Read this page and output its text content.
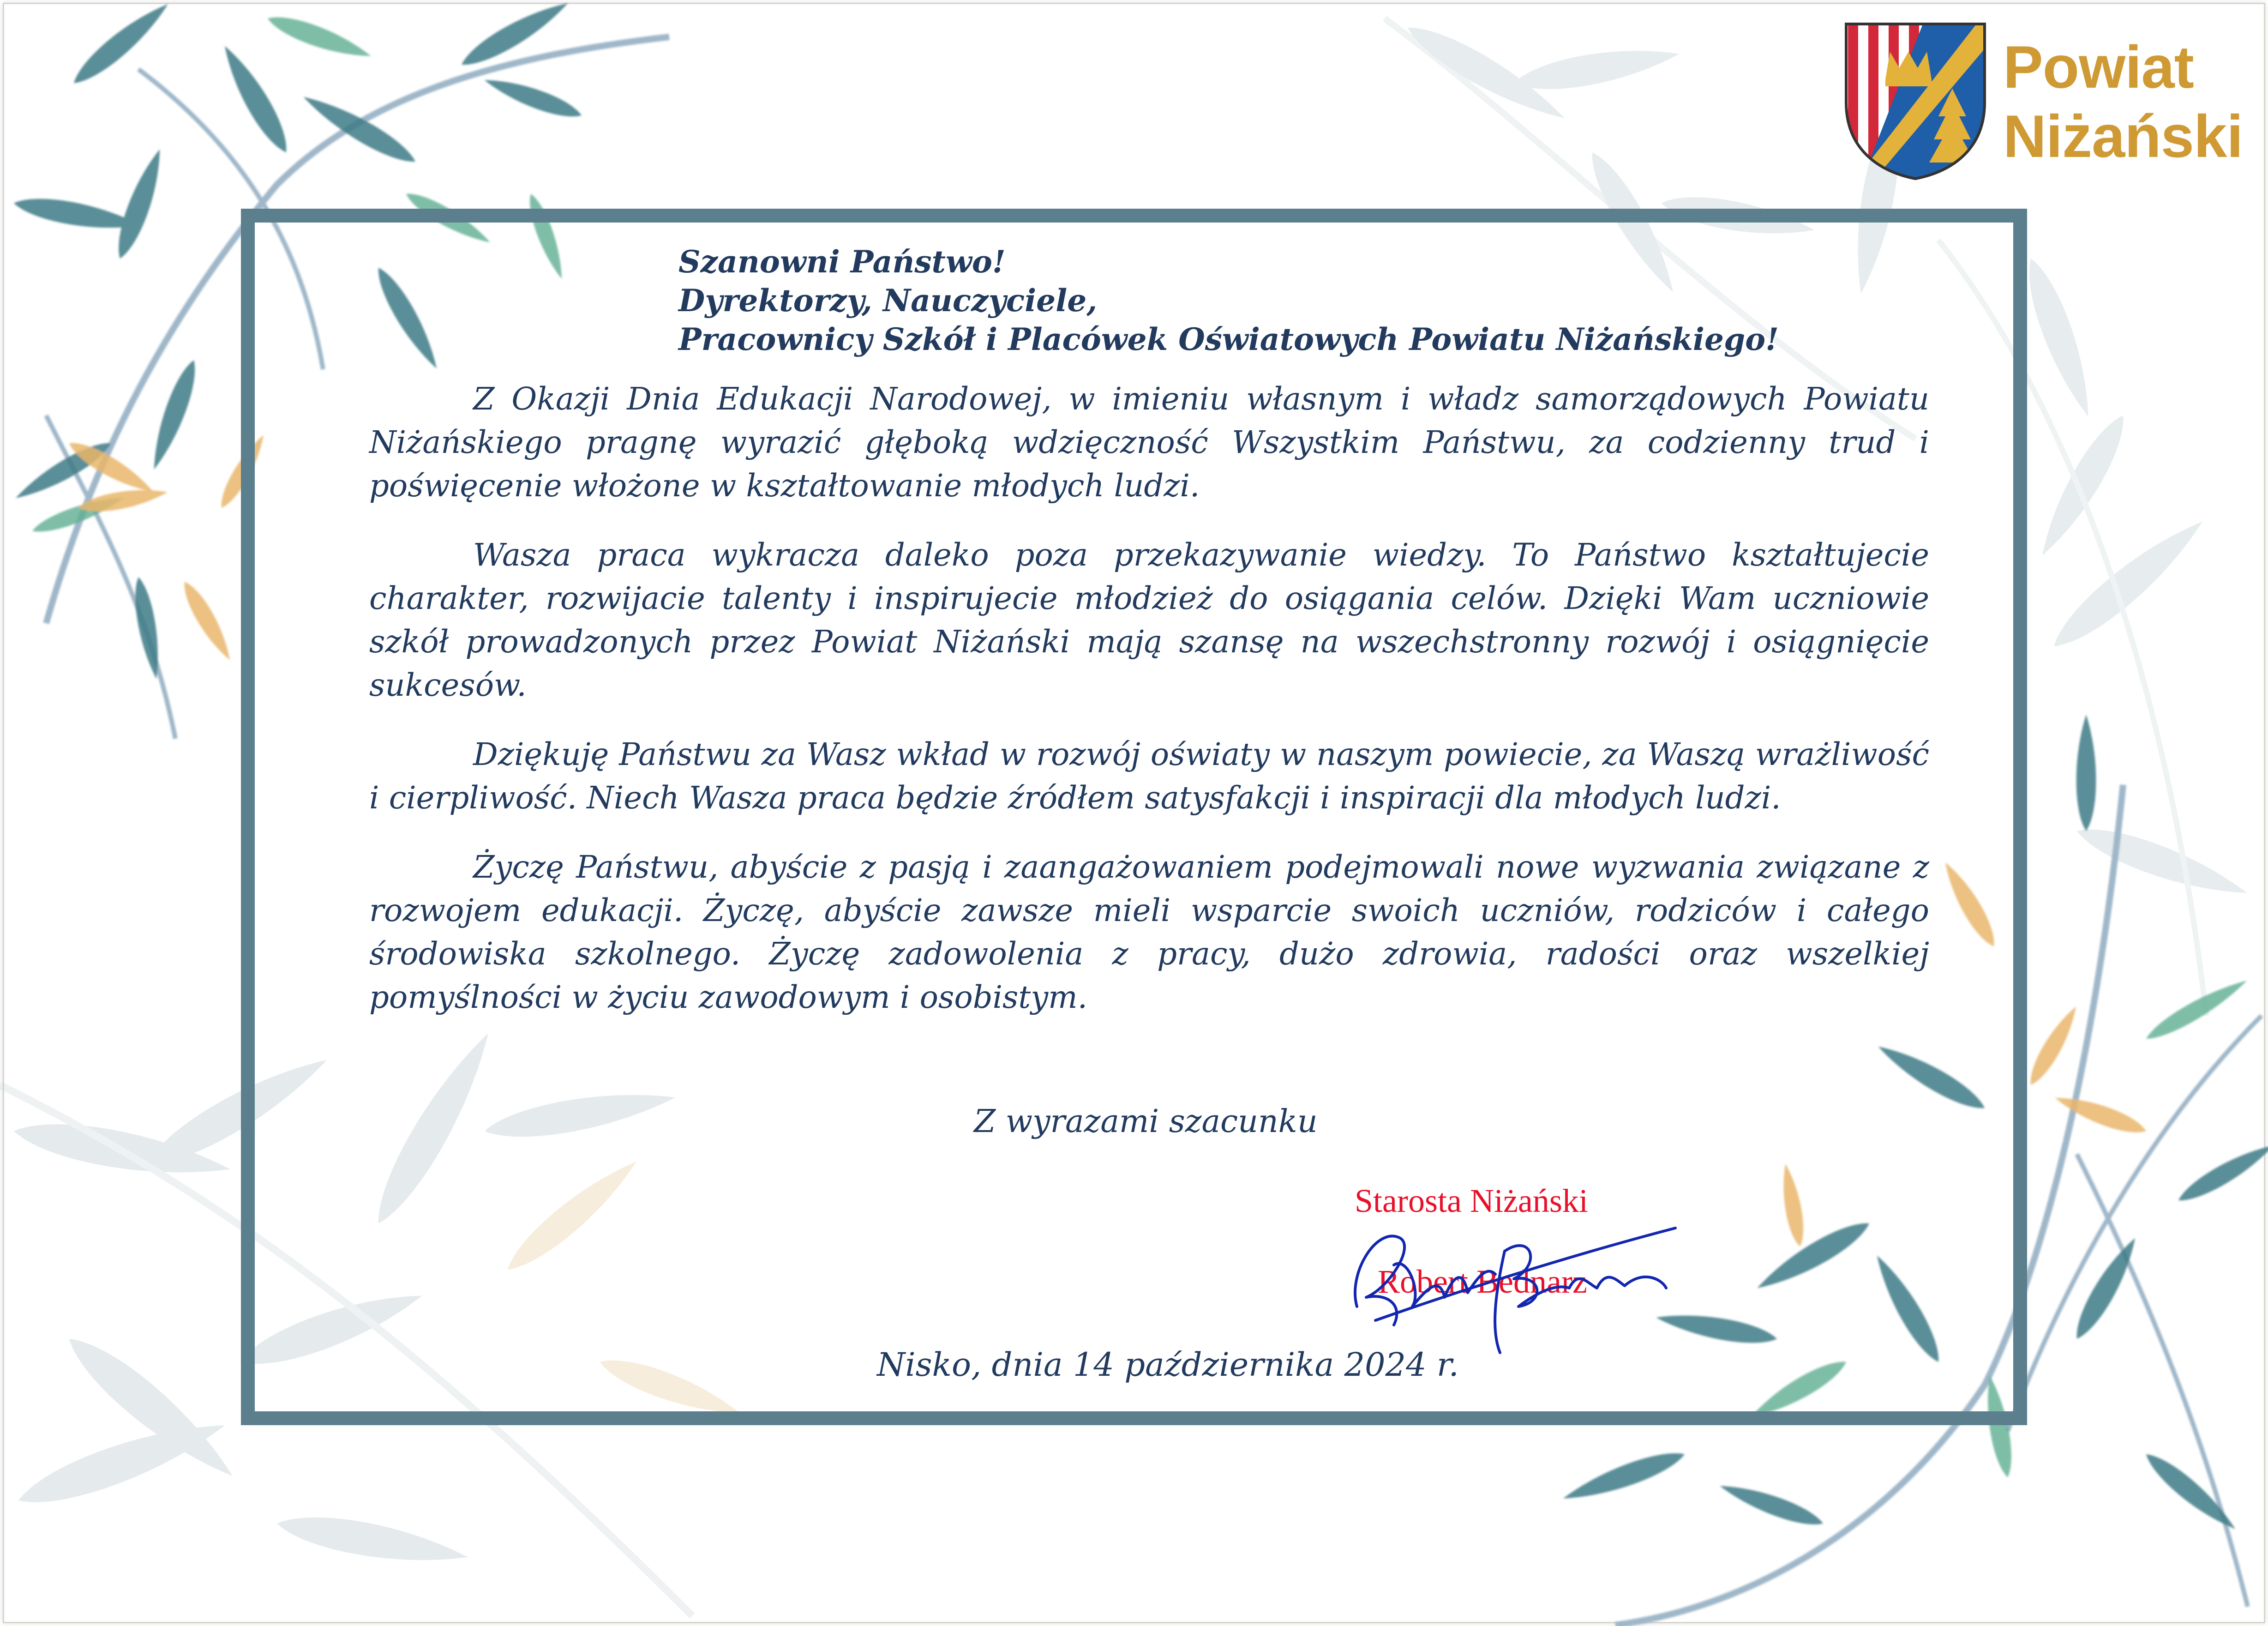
Powiat
Niżański
Szanowni Państwo!
Dyrektorzy, Nauczyciele,
Pracownicy Szkół i Placówek Oświatowych Powiatu Niżańskiego!

Z Okazji Dnia Edukacji Narodowej, w imieniu własnym i władz samorządowych Powiatu Niżańskiego pragnę wyrazić głęboką wdzięczność Wszystkim Państwu, za codzienny trud i poświęcenie włożone w kształtowanie młodych ludzi.

Wasza praca wykracza daleko poza przekazywanie wiedzy. To Państwo kształtujecie charakter, rozwijacie talenty i inspirujecie młodzież do osiągania celów. Dzięki Wam uczniowie szkół prowadzonych przez Powiat Niżański mają szansę na wszechstronny rozwój i osiągnięcie sukcesów.

Dziękuję Państwu za Wasz wkład w rozwój oświaty w naszym powiecie, za Waszą wrażliwość i cierpliwość. Niech Wasza praca będzie źródłem satysfakcji i inspiracji dla młodych ludzi.

Życzę Państwu, abyście z pasją i zaangażowaniem podejmowali nowe wyzwania związane z rozwojem edukacji. Życzę, abyście zawsze mieli wsparcie swoich uczniów, rodziców i całego środowiska szkolnego. Życzę zadowolenia z pracy, dużo zdrowia, radości oraz wszelkiej pomyślności w życiu zawodowym i osobistym.

Z wyrazami szacunku
Starosta Niżański
Robert Bednarz
Nisko, dnia 14 października 2024 r.
